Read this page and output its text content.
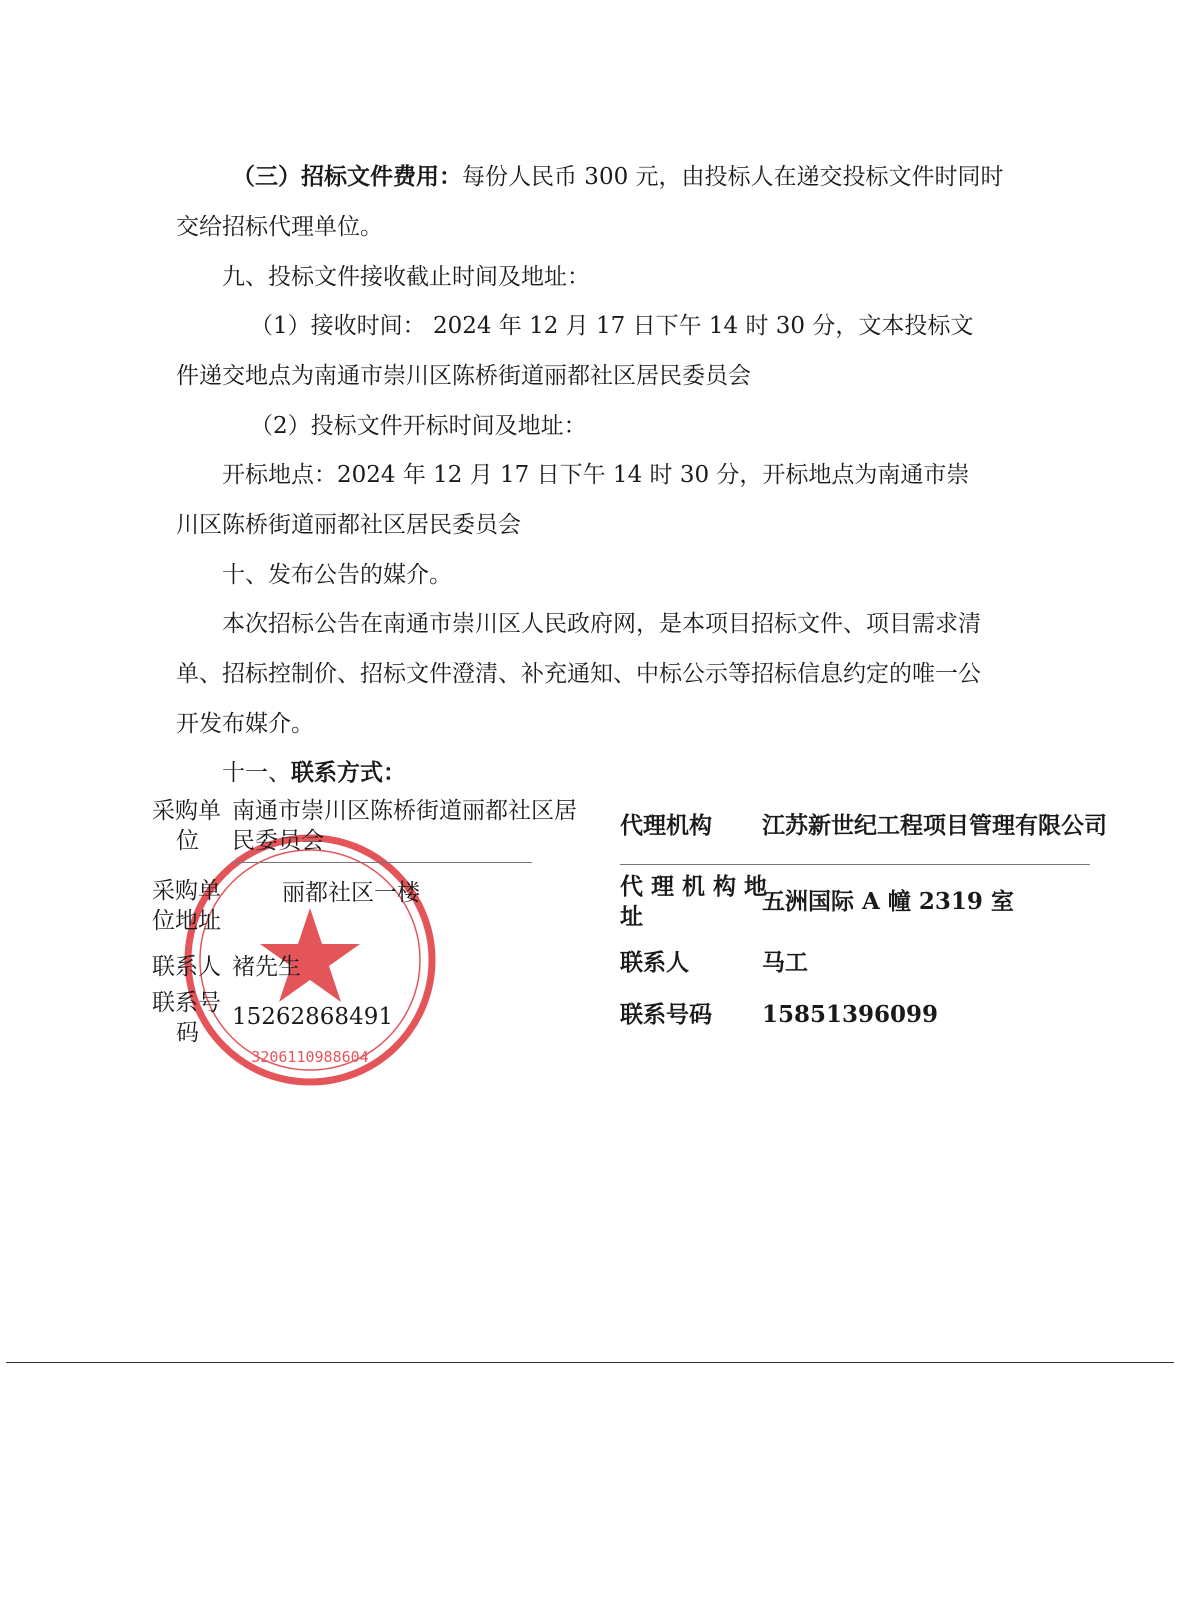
（三）招标文件费用：每份人民币 300 元，由投标人在递交投标文件时同时
交给招标代理单位。
九、投标文件接收截止时间及地址：
（1）接收时间： 2024 年 12 月 17 日下午 14 时 30 分，文本投标文
件递交地点为南通市崇川区陈桥街道丽都社区居民委员会
（2）投标文件开标时间及地址：
开标地点：2024 年 12 月 17 日下午 14 时 30 分，开标地点为南通市崇
川区陈桥街道丽都社区居民委员会
十、发布公告的媒介。
本次招标公告在南通市崇川区人民政府网，是本项目招标文件、项目需求清
单、招标控制价、招标文件澄清、补充通知、中标公示等招标信息约定的唯一公
开发布媒介。
十一、联系方式：
3206110988604
采购单
位
南通市崇川区陈桥街道丽都社区居
民委员会
采购单
位地址
丽都社区一楼
联系人 褚先生
联系号
码
15262868491
代理机构 江苏新世纪工程项目管理有限公司
代 理 机 构 地
址
五洲国际 A 幢 2319 室
联系人	马工
联系号码 15851396099
